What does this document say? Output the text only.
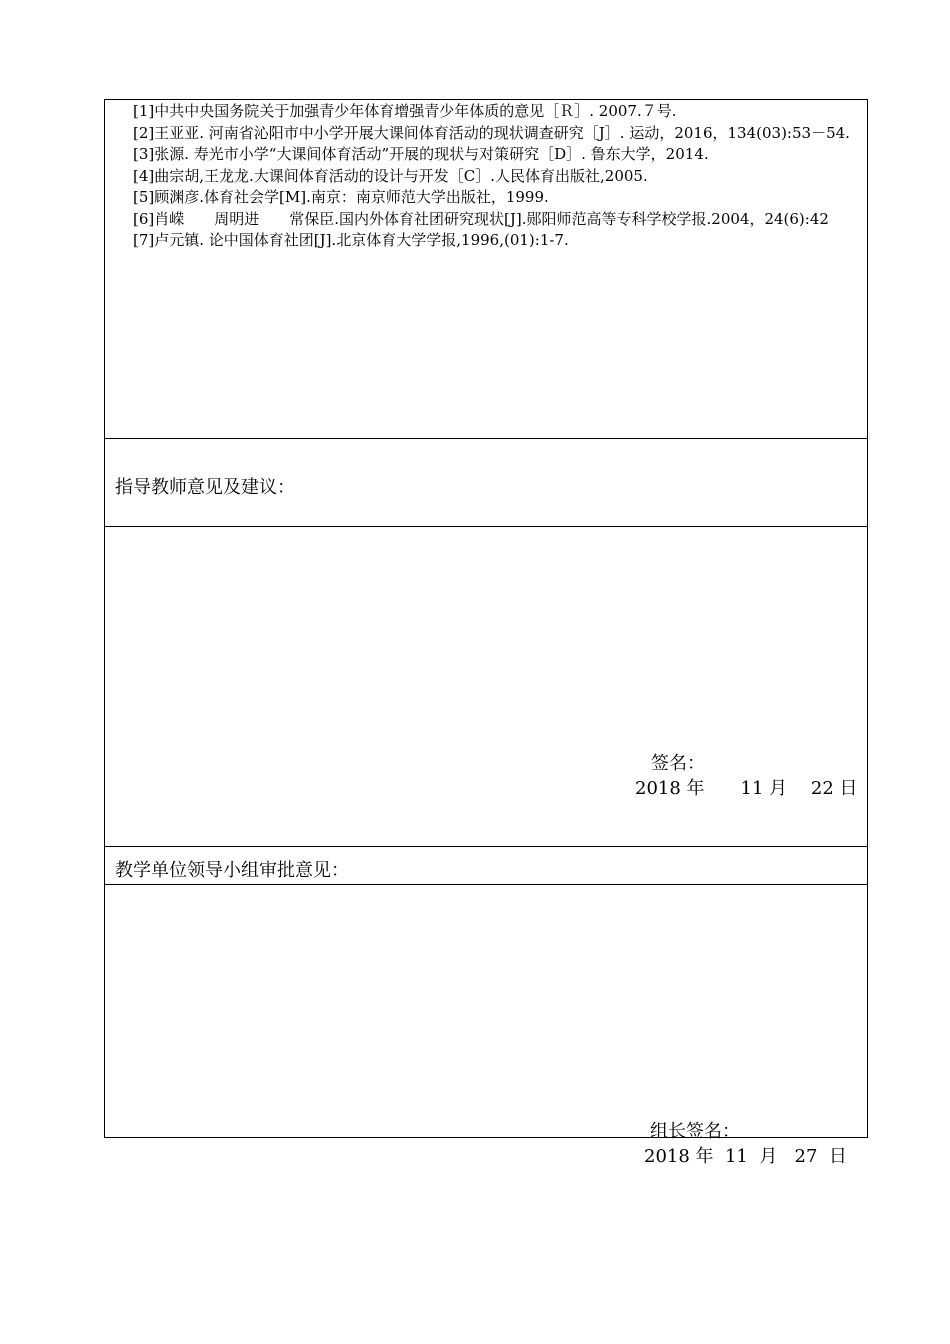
[1]中共中央国务院关于加强青少年体育增强青少年体质的意见［Ｒ］. 2007.７号.

[2]王亚亚. 河南省沁阳市中小学开展大课间体育活动的现状调查研究［J］. 运动，2016，134(03):53－54.

[3]张源. 寿光市小学“大课间体育活动”开展的现状与对策研究［D］. 鲁东大学，2014.

[4]曲宗胡,王龙龙.大课间体育活动的设计与开发［C］.人民体育出版社,2005.

[5]顾渊彦.体育社会学[M].南京：南京师范大学出版社，1999.

[6]肖嵘　　周明进　　常保臣.国内外体育社团研究现状[J].郧阳师范高等专科学校学报.2004，24(6):42

[7]卢元镇. 论中国体育社团[J].北京体育大学学报,1996,(01):1-7.

指导教师意见及建议：
签名：
2018 年　　11 月　 22 日
教学单位领导小组审批意见：
组长签名：
2018 年  11  月   27  日
